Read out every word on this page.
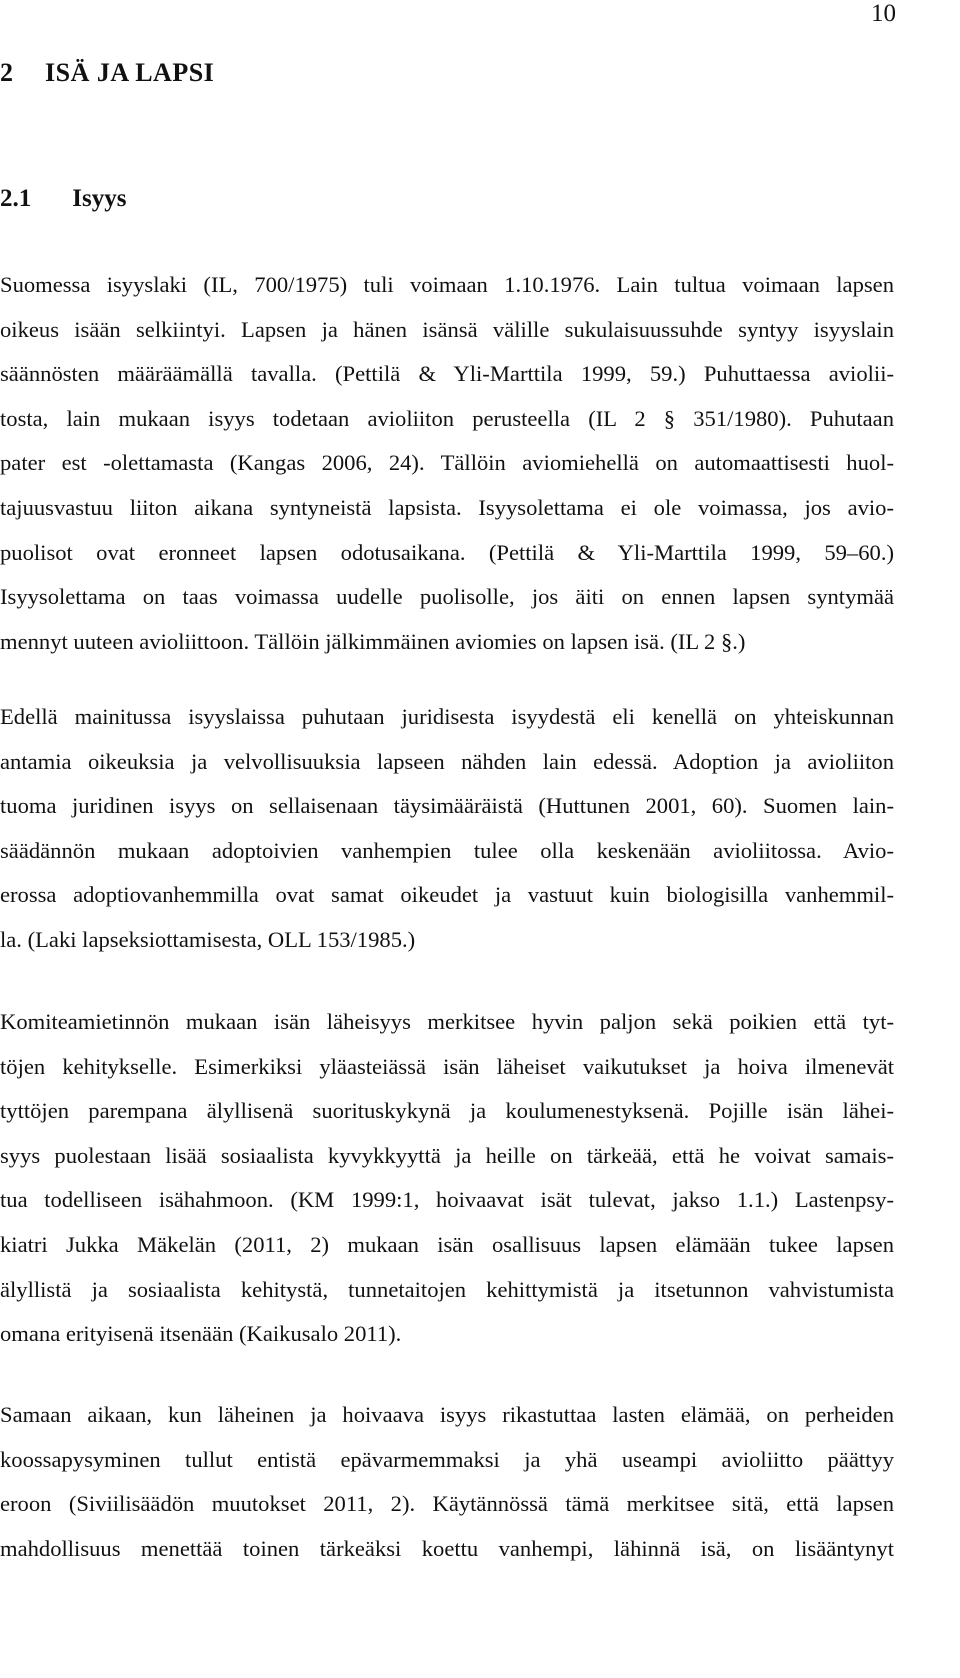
10
2 ISÄ JA LAPSI
2.1 Isyys
Suomessa isyyslaki (IL, 700/1975) tuli voimaan 1.10.1976. Lain tultua voimaan lapsen
oikeus isään selkiintyi. Lapsen ja hänen isänsä välille sukulaisuussuhde syntyy isyyslain
säännösten määräämällä tavalla. (Pettilä & Yli-Marttila 1999, 59.) Puhuttaessa aviolii-
tosta, lain mukaan isyys todetaan avioliiton perusteella (IL 2 § 351/1980). Puhutaan
pater est -olettamasta (Kangas 2006, 24). Tällöin aviomiehellä on automaattisesti huol-
tajuusvastuu liiton aikana syntyneistä lapsista. Isyysolettama ei ole voimassa, jos avio-
puolisot ovat eronneet lapsen odotusaikana. (Pettilä & Yli-Marttila 1999, 59–60.)
Isyysolettama on taas voimassa uudelle puolisolle, jos äiti on ennen lapsen syntymää
mennyt uuteen avioliittoon. Tällöin jälkimmäinen aviomies on lapsen isä. (IL 2 §.)
Edellä mainitussa isyyslaissa puhutaan juridisesta isyydestä eli kenellä on yhteiskunnan
antamia oikeuksia ja velvollisuuksia lapseen nähden lain edessä. Adoption ja avioliiton
tuoma juridinen isyys on sellaisenaan täysimääräistä (Huttunen 2001, 60). Suomen lain-
säädännön mukaan adoptoivien vanhempien tulee olla keskenään avioliitossa. Avio-
erossa adoptiovanhemmilla ovat samat oikeudet ja vastuut kuin biologisilla vanhemmil-
la. (Laki lapseksiottamisesta, OLL 153/1985.)
Komiteamietinnön mukaan isän läheisyys merkitsee hyvin paljon sekä poikien että tyt-
töjen kehitykselle. Esimerkiksi yläasteiässä isän läheiset vaikutukset ja hoiva ilmenevät
tyttöjen parempana älyllisenä suorituskykynä ja koulumenestyksenä. Pojille isän lähei-
syys puolestaan lisää sosiaalista kyvykkyyttä ja heille on tärkeää, että he voivat samais-
tua todelliseen isähahmoon. (KM 1999:1, hoivaavat isät tulevat, jakso 1.1.) Lastenpsy-
kiatri Jukka Mäkelän (2011, 2) mukaan isän osallisuus lapsen elämään tukee lapsen
älyllistä ja sosiaalista kehitystä, tunnetaitojen kehittymistä ja itsetunnon vahvistumista
omana erityisenä itsenään (Kaikusalo 2011).
Samaan aikaan, kun läheinen ja hoivaava isyys rikastuttaa lasten elämää, on perheiden
koossapysyminen tullut entistä epävarmemmaksi ja yhä useampi avioliitto päättyy
eroon (Siviilisäädön muutokset 2011, 2). Käytännössä tämä merkitsee sitä, että lapsen
mahdollisuus menettää toinen tärkeäksi koettu vanhempi, lähinnä isä, on lisääntynyt
